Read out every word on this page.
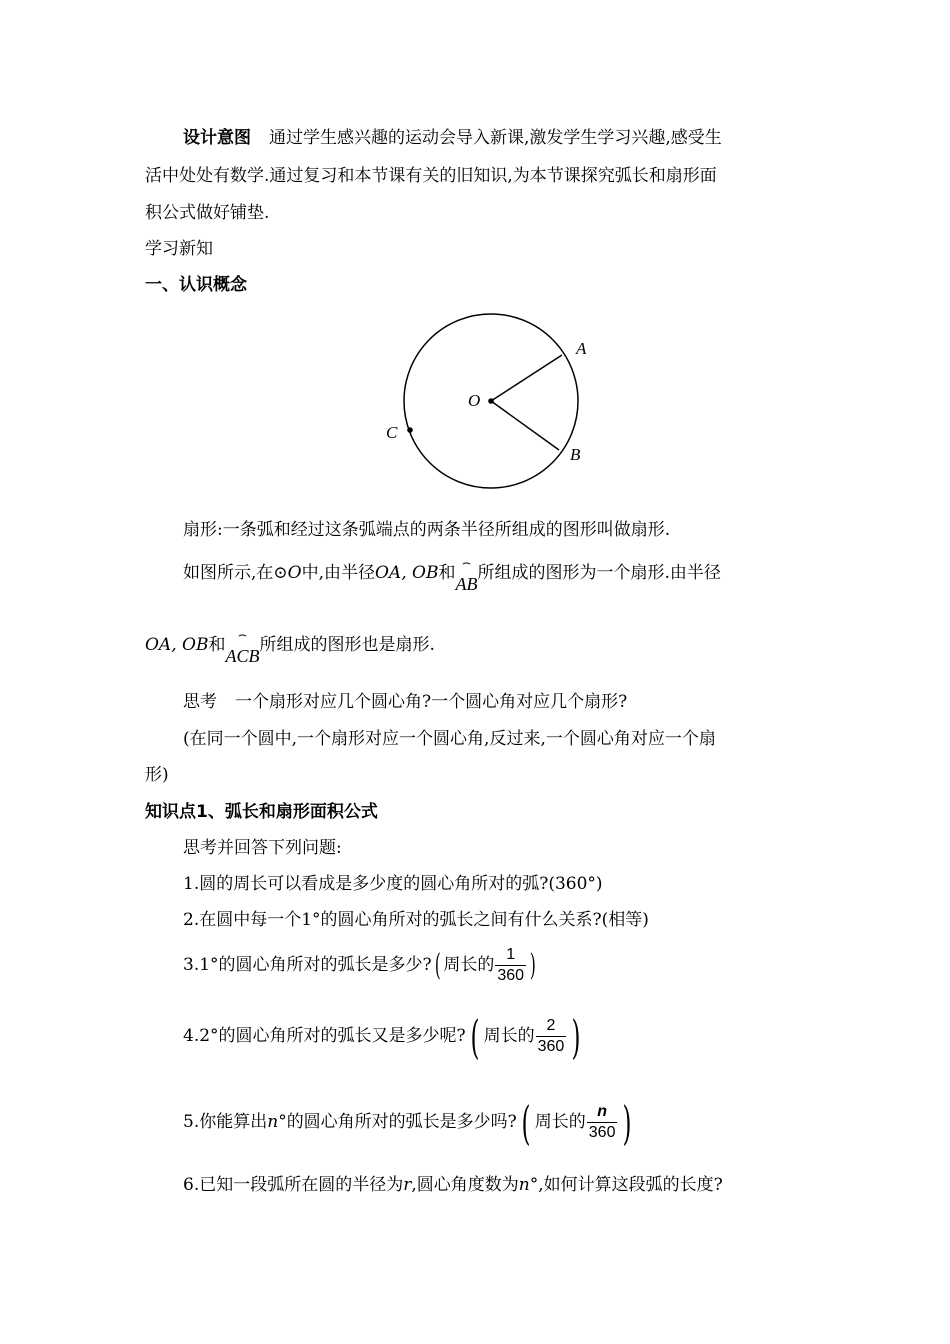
设计意图 通过学生感兴趣的运动会导入新课,激发学生学习兴趣,感受生
活中处处有数学.通过复习和本节课有关的旧知识,为本节课探究弧长和扇形面
积公式做好铺垫.
学习新知
一、认识概念
A
B
C
O
扇形:一条弧和经过这条弧端点的两条半径所组成的图形叫做扇形.
如图所示,在⊙O中,由半径OA, OB和 ⌢
AB所组成的图形为一个扇形.由半径
OA, OB和 ⌢
ACB所组成的图形也是扇形.
思考 一个扇形对应几个圆心角?一个圆心角对应几个扇形?
(在同一个圆中,一个扇形对应一个圆心角,反过来,一个圆心角对应一个扇
形)
知识点1、弧长和扇形面积公式
思考并回答下列问题:
1.圆的周长可以看成是多少度的圆心角所对的弧?(360°)
2.在圆中每一个1°的圆心角所对的弧长之间有什么关系?(相等)
3.1°的圆心角所对的弧长是多少?( 周长的 $\frac{1}{360}$ )
4.2°的圆心角所对的弧长又是多少呢?( 周长的 $\frac{2}{360}$ )
5.你能算出n°的圆心角所对的弧长是多少吗?( 周长的 $\frac{n}{360}$ )
6.已知一段弧所在圆的半径为r,圆心角度数为n°,如何计算这段弧的长度?
